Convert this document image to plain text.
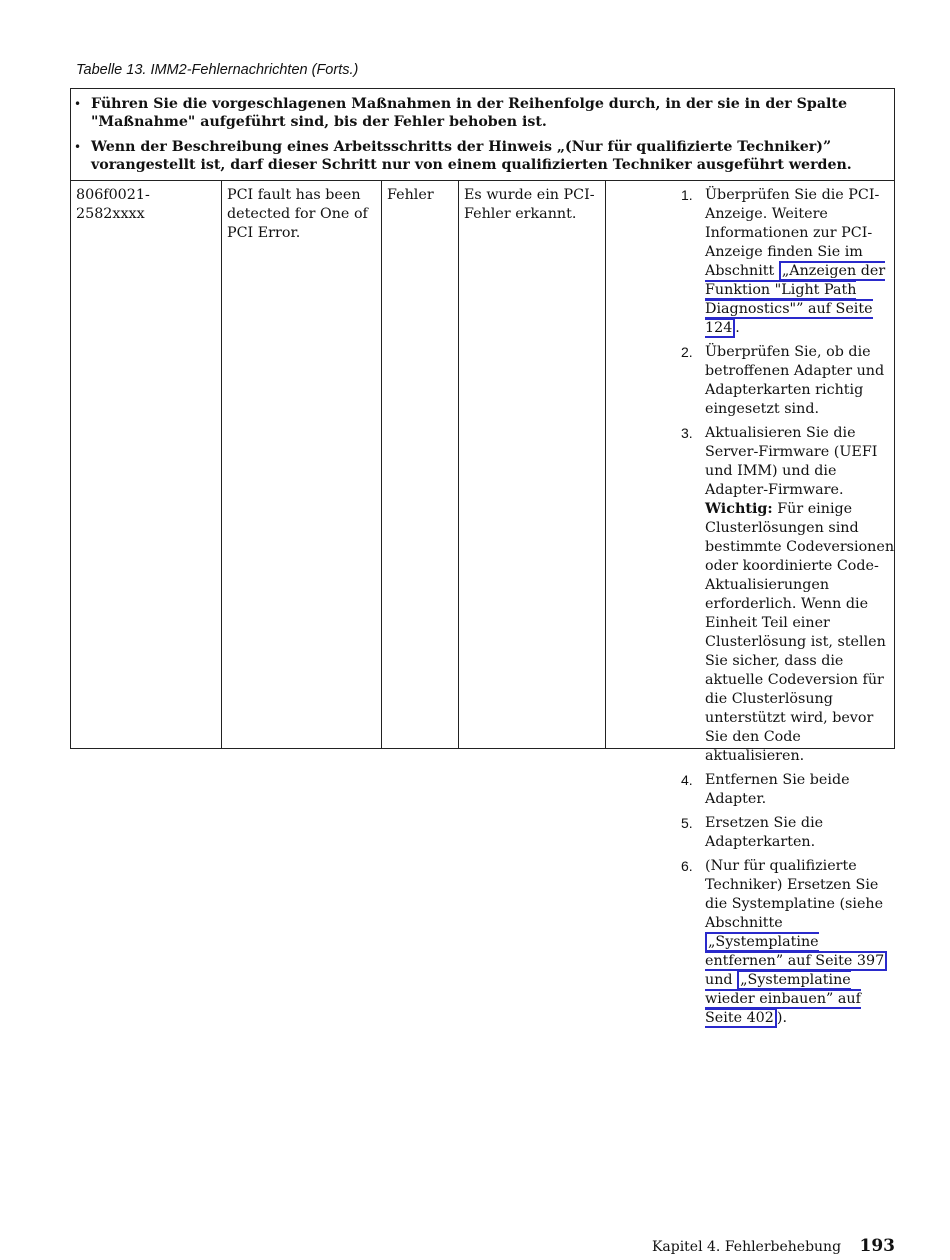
Tabelle 13. IMM2-Fehlernachrichten (Forts.)
• Führen Sie die vorgeschlagenen Maßnahmen in der Reihenfolge durch, in der sie in der Spalte "Maßnahme" aufgeführt sind, bis der Fehler behoben ist.
• Wenn der Beschreibung eines Arbeitsschritts der Hinweis „(Nur für qualifizierte Techniker)” vorangestellt ist, darf dieser Schritt nur von einem qualifizierten Techniker ausgeführt werden.
806f0021-2582xxxx
PCI fault has been detected for One of PCI Error.
Fehler	Es wurde ein PCI-Fehler erkannt.
1. Überprüfen Sie die PCI-Anzeige. Weitere Informationen zur PCI-Anzeige finden Sie im Abschnitt „Anzeigen der Funktion "Light Path Diagnostics"” auf Seite 124 .
2. Überprüfen Sie, ob die betroffenen Adapter und Adapterkarten richtig eingesetzt sind.
3. Aktualisieren Sie die Server-Firmware (UEFI und IMM) und die Adapter-Firmware.
Wichtig: Für einige Clusterlösungen sind bestimmte Codeversionen oder koordinierte Code-Aktualisierungen erforderlich. Wenn die Einheit Teil einer Clusterlösung ist, stellen Sie sicher, dass die aktuelle Codeversion für die Clusterlösung unterstützt wird, bevor Sie den Code aktualisieren.
4. Entfernen Sie beide Adapter.
5. Ersetzen Sie die Adapterkarten.
6. (Nur für qualifizierte Techniker) Ersetzen Sie die Systemplatine (siehe Abschnitte „Systemplatine entfernen” auf Seite 397 und „Systemplatine wieder einbauen” auf Seite 402 ).
Kapitel 4. Fehlerbehebung 193
